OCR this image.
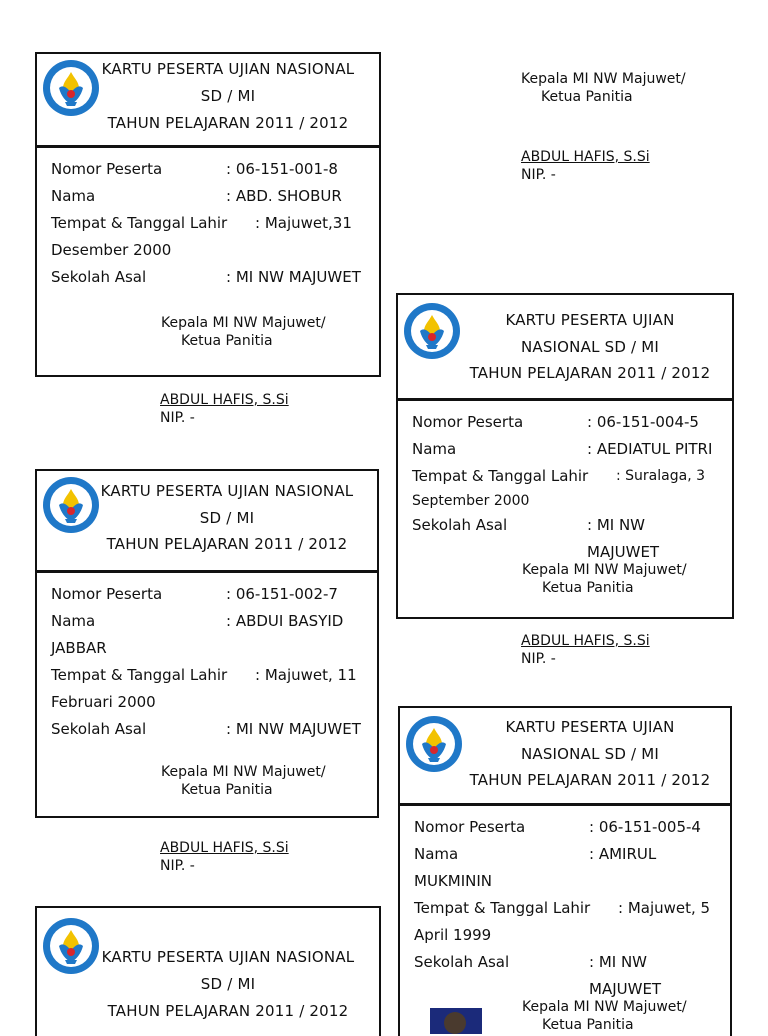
KARTU PESERTA UJIAN NASIONAL
SD / MI
TAHUN PELAJARAN 2011 / 2012
Nomor Peserta	: 06-151-001-8
Nama	: ABD. SHOBUR
Tempat & Tanggal Lahir	: Majuwet,31
Desember 2000
Sekolah Asal	: MI NW MAJUWET
Kepala MI NW Majuwet/
Ketua Panitia
ABDUL HAFIS, S.Si
NIP. -
Kepala MI NW Majuwet/
Ketua Panitia
ABDUL HAFIS, S.Si
NIP. -
KARTU PESERTA UJIAN
NASIONAL SD / MI
TAHUN PELAJARAN 2011 / 2012
Nomor Peserta	: 06-151-004-5
Nama	: AEDIATUL PITRI
Tempat & Tanggal Lahir	: Suralaga, 3
September 2000
Sekolah Asal	: MI NW MAJUWET
Kepala MI NW Majuwet/
Ketua Panitia
ABDUL HAFIS, S.Si
NIP. -
KARTU PESERTA UJIAN NASIONAL
SD / MI
TAHUN PELAJARAN 2011 / 2012
Nomor Peserta	: 06-151-002-7
Nama	: ABDUI BASYID
JABBAR
Tempat & Tanggal Lahir	: Majuwet, 11
Februari 2000
Sekolah Asal	: MI NW MAJUWET
Kepala MI NW Majuwet/
Ketua Panitia
ABDUL HAFIS, S.Si
NIP. -
KARTU PESERTA UJIAN
NASIONAL SD / MI
TAHUN PELAJARAN 2011 / 2012
Nomor Peserta	: 06-151-005-4
Nama	: AMIRUL
MUKMININ
Tempat & Tanggal Lahir	: Majuwet, 5
April 1999
Sekolah Asal	: MI NW MAJUWET
Kepala MI NW Majuwet/
Ketua Panitia
KARTU PESERTA UJIAN NASIONAL
SD / MI
TAHUN PELAJARAN 2011 / 2012
